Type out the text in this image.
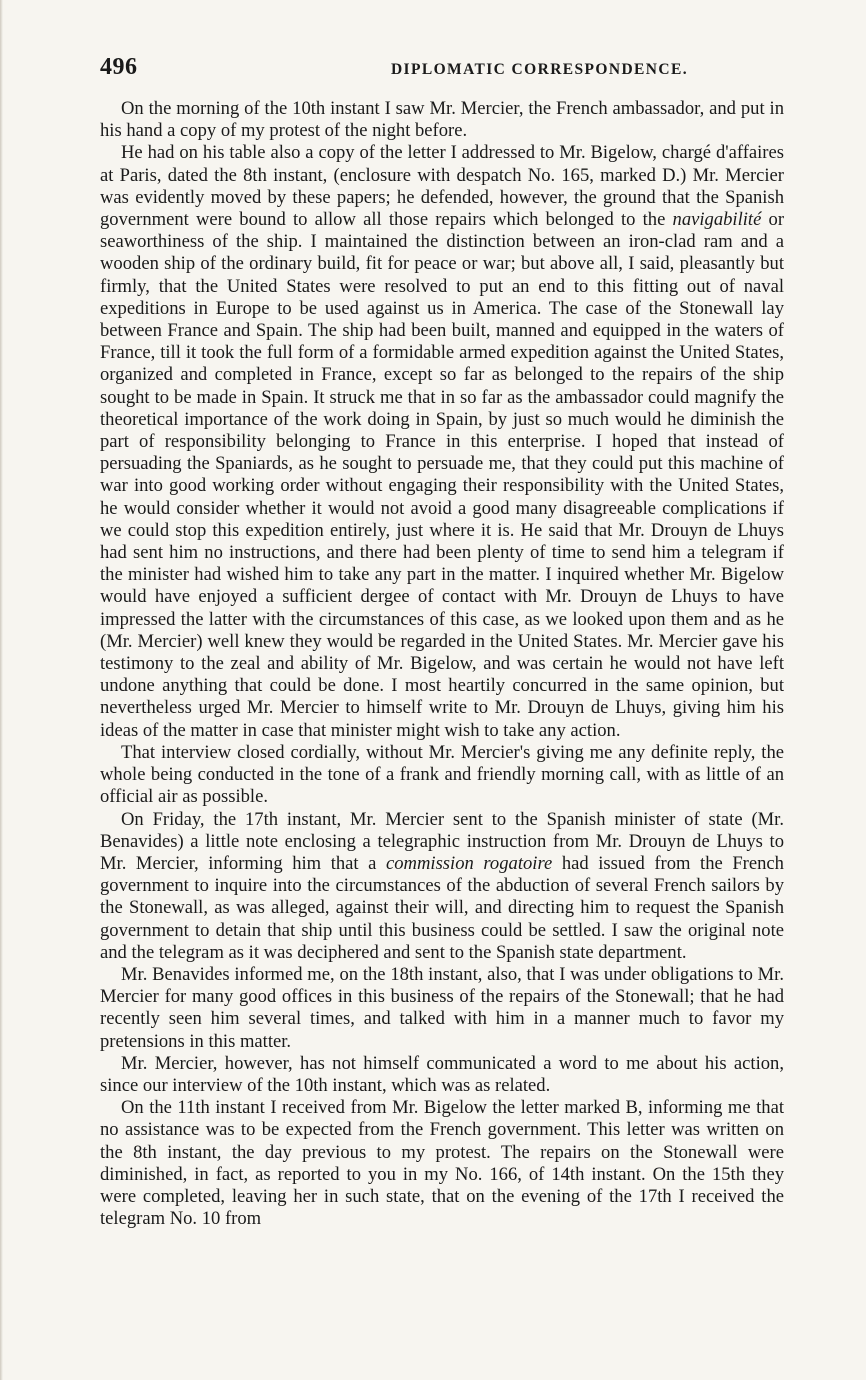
496	DIPLOMATIC CORRESPONDENCE.

On the morning of the 10th instant I saw Mr. Mercier, the French ambassador, and put in his hand a copy of my protest of the night before.

He had on his table also a copy of the letter I addressed to Mr. Bigelow, chargé d'affaires at Paris, dated the 8th instant, (enclosure with despatch No. 165, marked D.) Mr. Mercier was evidently moved by these papers; he defended, however, the ground that the Spanish government were bound to allow all those repairs which belonged to the navigabilité or seaworthiness of the ship. I maintained the distinction between an iron-clad ram and a wooden ship of the ordinary build, fit for peace or war; but above all, I said, pleasantly but firmly, that the United States were resolved to put an end to this fitting out of naval expeditions in Europe to be used against us in America. The case of the Stonewall lay between France and Spain. The ship had been built, manned and equipped in the waters of France, till it took the full form of a formidable armed expedition against the United States, organized and completed in France, except so far as belonged to the repairs of the ship sought to be made in Spain. It struck me that in so far as the ambassador could magnify the theoretical importance of the work doing in Spain, by just so much would he diminish the part of responsibility belonging to France in this enterprise. I hoped that instead of persuading the Spaniards, as he sought to persuade me, that they could put this machine of war into good working order without engaging their responsibility with the United States, he would consider whether it would not avoid a good many disagreeable complications if we could stop this expedition entirely, just where it is. He said that Mr. Drouyn de Lhuys had sent him no instructions, and there had been plenty of time to send him a telegram if the minister had wished him to take any part in the matter. I inquired whether Mr. Bigelow would have enjoyed a sufficient dergee of contact with Mr. Drouyn de Lhuys to have impressed the latter with the circumstances of this case, as we looked upon them and as he (Mr. Mercier) well knew they would be regarded in the United States. Mr. Mercier gave his testimony to the zeal and ability of Mr. Bigelow, and was certain he would not have left undone anything that could be done. I most heartily concurred in the same opinion, but nevertheless urged Mr. Mercier to himself write to Mr. Drouyn de Lhuys, giving him his ideas of the matter in case that minister might wish to take any action.

That interview closed cordially, without Mr. Mercier's giving me any definite reply, the whole being conducted in the tone of a frank and friendly morning call, with as little of an official air as possible.

On Friday, the 17th instant, Mr. Mercier sent to the Spanish minister of state (Mr. Benavides) a little note enclosing a telegraphic instruction from Mr. Drouyn de Lhuys to Mr. Mercier, informing him that a commission rogatoire had issued from the French government to inquire into the circumstances of the abduction of several French sailors by the Stonewall, as was alleged, against their will, and directing him to request the Spanish government to detain that ship until this business could be settled. I saw the original note and the telegram as it was deciphered and sent to the Spanish state department.

Mr. Benavides informed me, on the 18th instant, also, that I was under obligations to Mr. Mercier for many good offices in this business of the repairs of the Stonewall; that he had recently seen him several times, and talked with him in a manner much to favor my pretensions in this matter.

Mr. Mercier, however, has not himself communicated a word to me about his action, since our interview of the 10th instant, which was as related.

On the 11th instant I received from Mr. Bigelow the letter marked B, informing me that no assistance was to be expected from the French government. This letter was written on the 8th instant, the day previous to my protest. The repairs on the Stonewall were diminished, in fact, as reported to you in my No. 166, of 14th instant. On the 15th they were completed, leaving her in such state, that on the evening of the 17th I received the telegram No. 10 from
